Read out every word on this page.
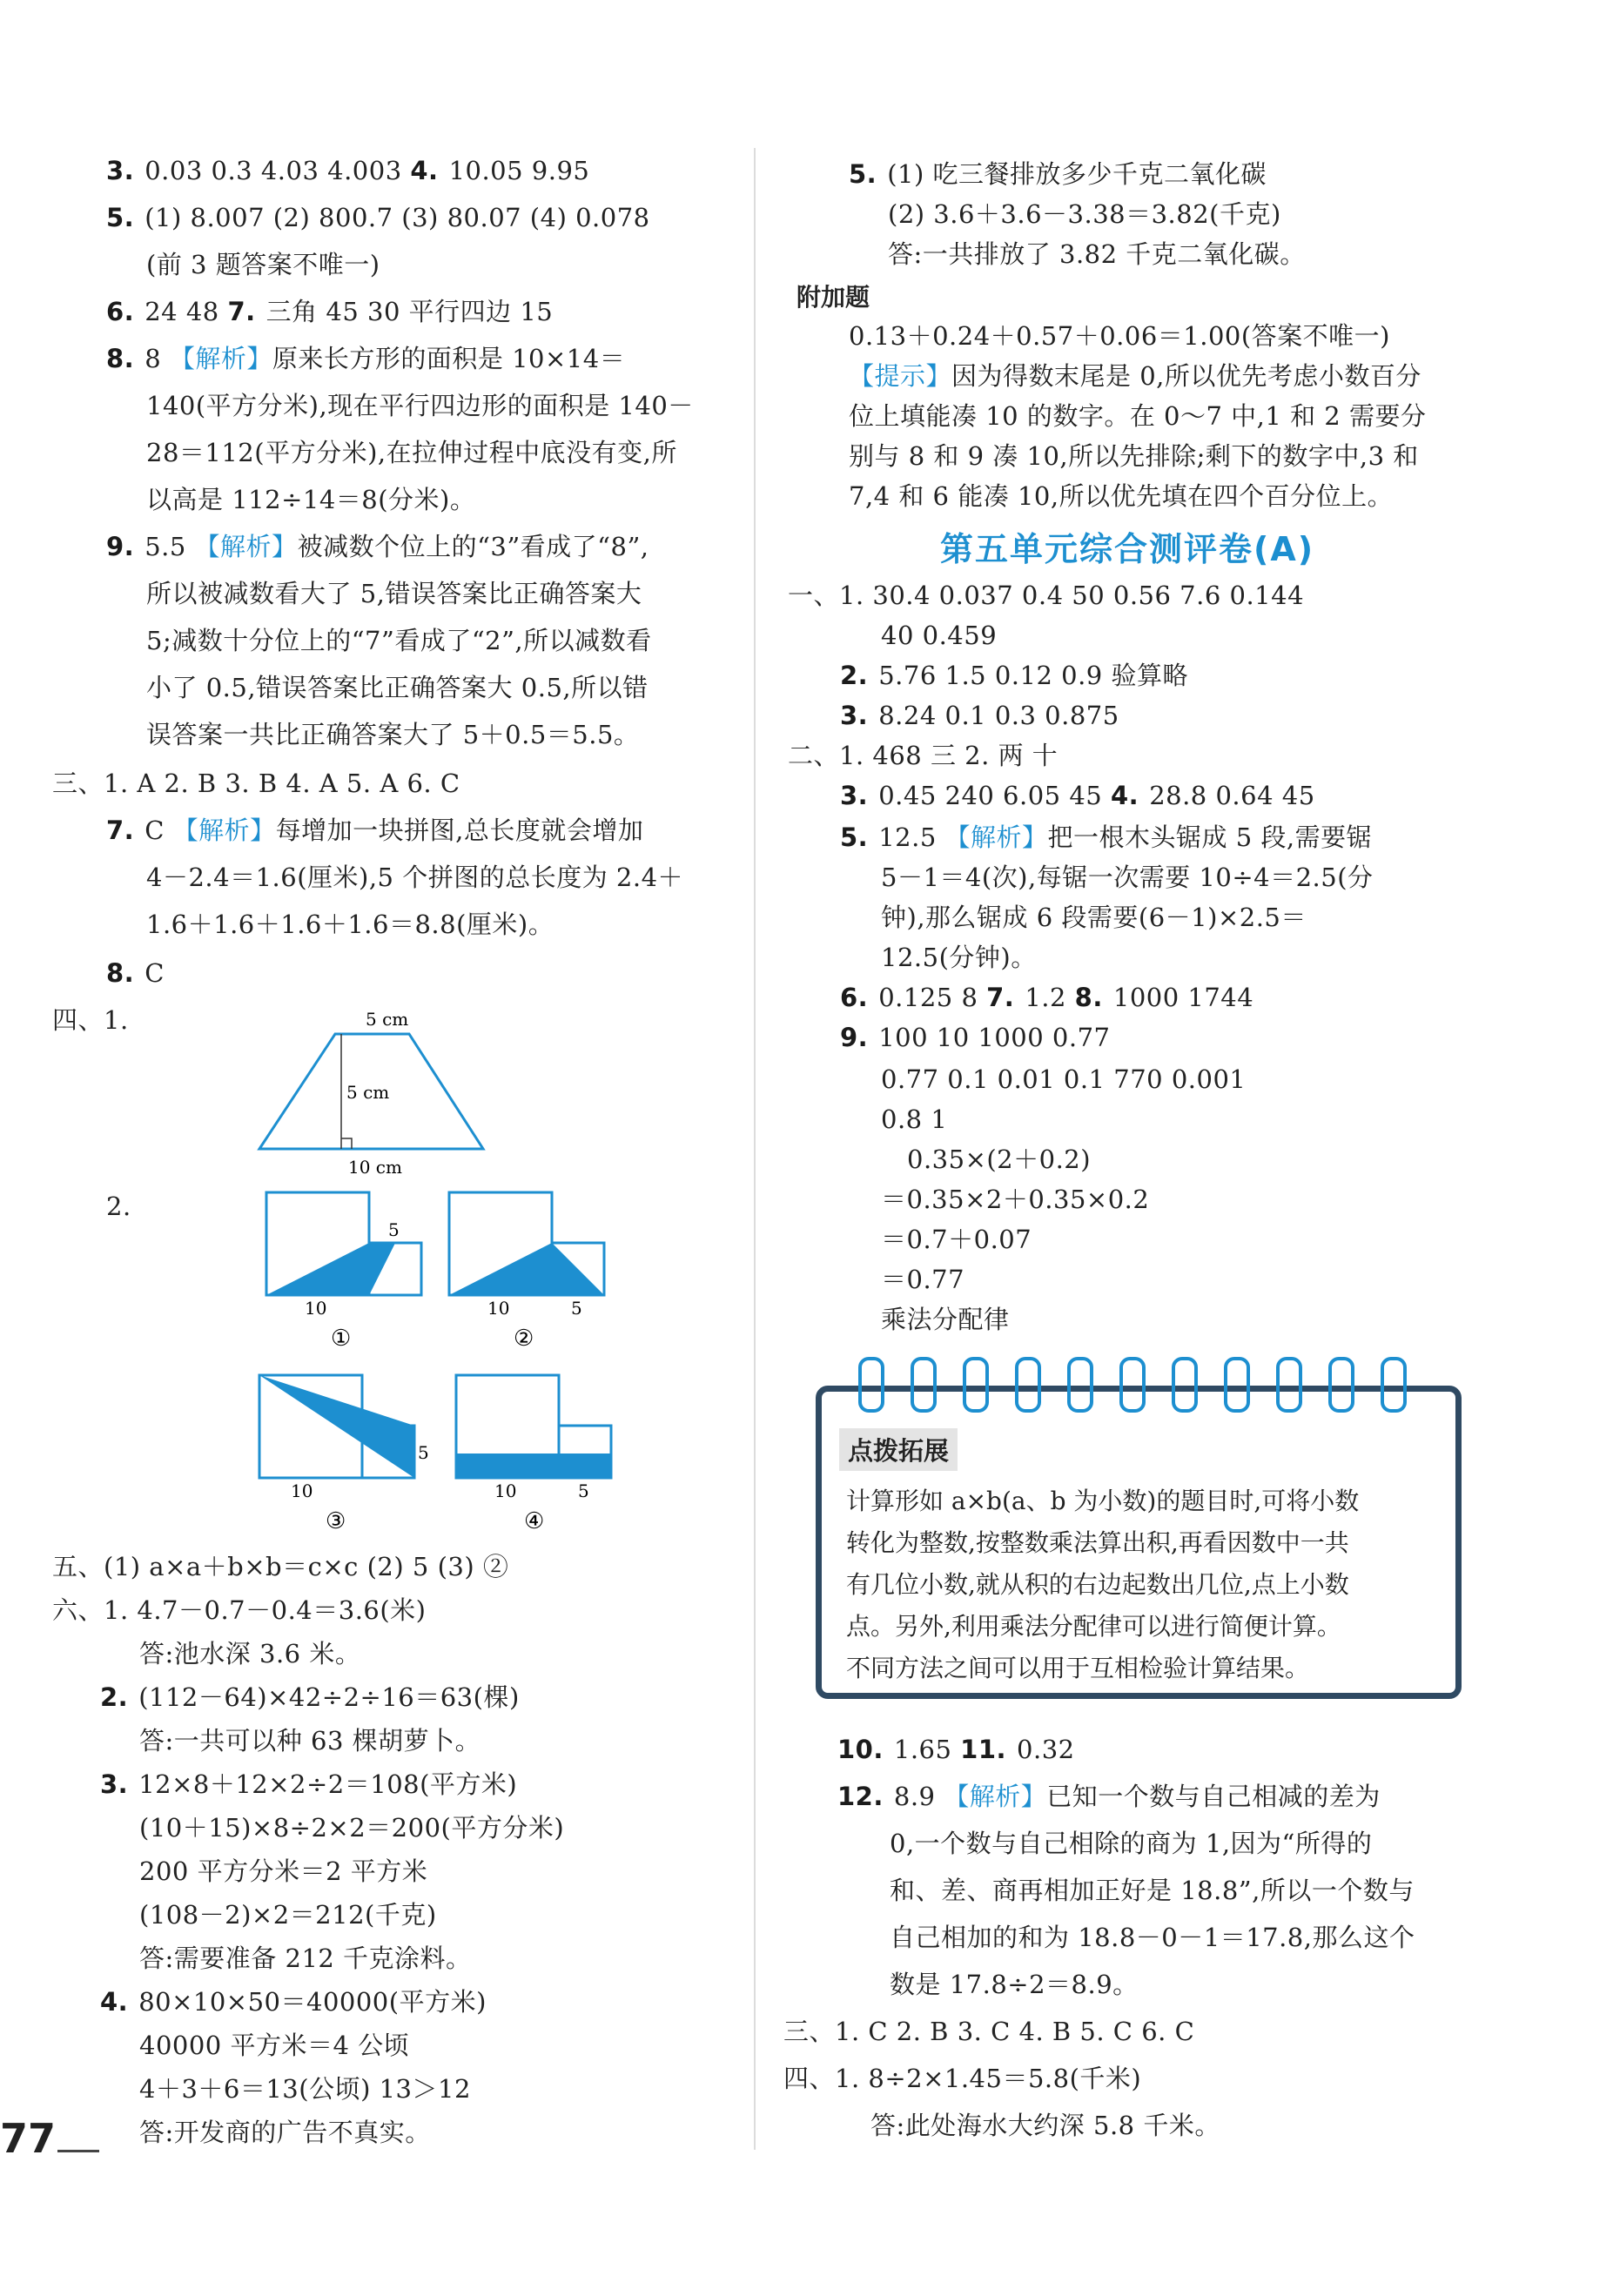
3. 0.03 0.3 4.03 4.003 4. 10.05 9.95
5. (1) 8.007 (2) 800.7 (3) 80.07 (4) 0.078
(前 3 题答案不唯一)
6. 24 48 7. 三角 45 30 平行四边 15
8. 8 【解析】原来长方形的面积是 10×14＝
140(平方分米),现在平行四边形的面积是 140－
28＝112(平方分米),在拉伸过程中底没有变,所
以高是 112÷14＝8(分米)。
9. 5.5 【解析】被减数个位上的“3”看成了“8”,
所以被减数看大了 5,错误答案比正确答案大
5;减数十分位上的“7”看成了“2”,所以减数看
小了 0.5,错误答案比正确答案大 0.5,所以错
误答案一共比正确答案大了 5＋0.5＝5.5。
三、1. A 2. B 3. B 4. A 5. A 6. C
7. C 【解析】每增加一块拼图,总长度就会增加
4－2.4＝1.6(厘米),5 个拼图的总长度为 2.4＋
1.6＋1.6＋1.6＋1.6＝8.8(厘米)。
8. C
四、1.	5 cm
5 cm
10 cm
2.
5
10
①
10	5
②
5
10
③
10	5
④
五、(1) a×a＋b×b＝c×c (2) 5 (3) ②
六、1. 4.7－0.7－0.4＝3.6(米)
答:池水深 3.6 米。
2. (112－64)×42÷2÷16＝63(棵)
答:一共可以种 63 棵胡萝卜。
3. 12×8＋12×2÷2＝108(平方米)
(10＋15)×8÷2×2＝200(平方分米)
200 平方分米＝2 平方米
(108－2)×2＝212(千克)
答:需要准备 212 千克涂料。
4. 80×10×50＝40000(平方米)
40000 平方米＝4 公顷
4＋3＋6＝13(公顷) 13＞12
答:开发商的广告不真实。
5. (1) 吃三餐排放多少千克二氧化碳
(2) 3.6＋3.6－3.38＝3.82(千克)
答:一共排放了 3.82 千克二氧化碳。
附加题
0.13＋0.24＋0.57＋0.06＝1.00(答案不唯一)
【提示】因为得数末尾是 0,所以优先考虑小数百分
位上填能凑 10 的数字。在 0～7 中,1 和 2 需要分
别与 8 和 9 凑 10,所以先排除;剩下的数字中,3 和
7,4 和 6 能凑 10,所以优先填在四个百分位上。
第五单元综合测评卷(A)
一、1. 30.4 0.037 0.4 50 0.56 7.6 0.144
40 0.459
2. 5.76 1.5 0.12 0.9 验算略
3. 8.24 0.1 0.3 0.875
二、1. 468 三 2. 两 十
3. 0.45 240 6.05 45 4. 28.8 0.64 45
5. 12.5 【解析】把一根木头锯成 5 段,需要锯
5－1＝4(次),每锯一次需要 10÷4＝2.5(分
钟),那么锯成 6 段需要(6－1)×2.5＝
12.5(分钟)。
6. 0.125 8 7. 1.2 8. 1000 1744
9. 100 10 1000 0.77
0.77 0.1 0.01 0.1 770 0.001
0.8 1
0.35×(2＋0.2)
＝0.35×2＋0.35×0.2
＝0.7＋0.07
＝0.77
乘法分配律
点拨拓展
计算形如 a×b(a、b 为小数)的题目时,可将小数
转化为整数,按整数乘法算出积,再看因数中一共
有几位小数,就从积的右边起数出几位,点上小数
点。另外,利用乘法分配律可以进行简便计算。
不同方法之间可以用于互相检验计算结果。
10. 1.65 11. 0.32
12. 8.9 【解析】已知一个数与自己相减的差为
0,一个数与自己相除的商为 1,因为“所得的
和、差、商再相加正好是 18.8”,所以一个数与
自己相加的和为 18.8－0－1＝17.8,那么这个
数是 17.8÷2＝8.9。
三、1. C 2. B 3. C 4. B 5. C 6. C
四、1. 8÷2×1.45＝5.8(千米)
答:此处海水大约深 5.8 千米。
77
